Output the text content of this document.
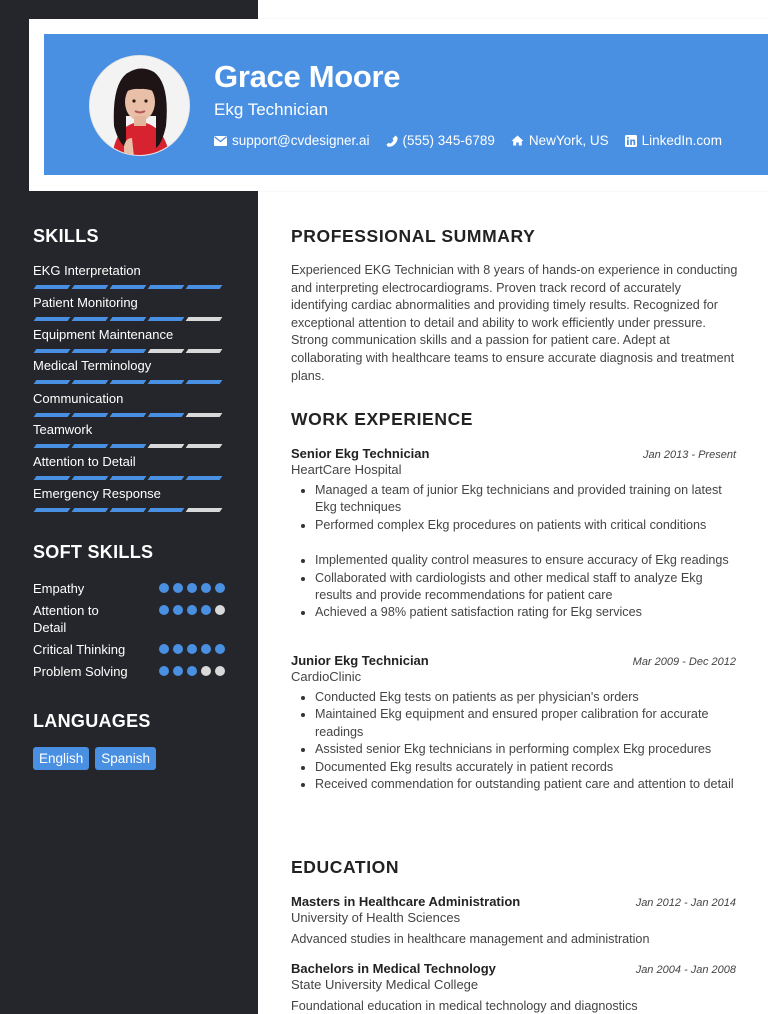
Grace Moore
Ekg Technician
support@cvdesigner.ai (555) 345-6789	NewYork, US LinkedIn.com
SKILLS
EKG Interpretation
Patient Monitoring
Equipment Maintenance
Medical Terminology
Communication
Teamwork
Attention to Detail
Emergency Response
SOFT SKILLS
Empathy
Attention to Detail
Critical Thinking
Problem Solving
LANGUAGES
English	Spanish
PROFESSIONAL SUMMARY
Experienced EKG Technician with 8 years of hands-on experience in conducting and interpreting electrocardiograms. Proven track record of accurately identifying cardiac abnormalities and providing timely results. Recognized for exceptional attention to detail and ability to work efficiently under pressure. Strong communication skills and a passion for patient care. Adept at collaborating with healthcare teams to ensure accurate diagnosis and treatment plans.
WORK EXPERIENCE
Senior Ekg Technician	Jan 2013 - Present
HeartCare Hospital
Managed a team of junior Ekg technicians and provided training on latest Ekg techniques
Performed complex Ekg procedures on patients with critical conditions
Implemented quality control measures to ensure accuracy of Ekg readings
Collaborated with cardiologists and other medical staff to analyze Ekg results and provide recommendations for patient care
Achieved a 98% patient satisfaction rating for Ekg services
Junior Ekg Technician	Mar 2009 - Dec 2012
CardioClinic
Conducted Ekg tests on patients as per physician's orders
Maintained Ekg equipment and ensured proper calibration for accurate readings
Assisted senior Ekg technicians in performing complex Ekg procedures
Documented Ekg results accurately in patient records
Received commendation for outstanding patient care and attention to detail
EDUCATION
Masters in Healthcare Administration	Jan 2012 - Jan 2014
University of Health Sciences
Advanced studies in healthcare management and administration
Bachelors in Medical Technology	Jan 2004 - Jan 2008
State University Medical College
Foundational education in medical technology and diagnostics
